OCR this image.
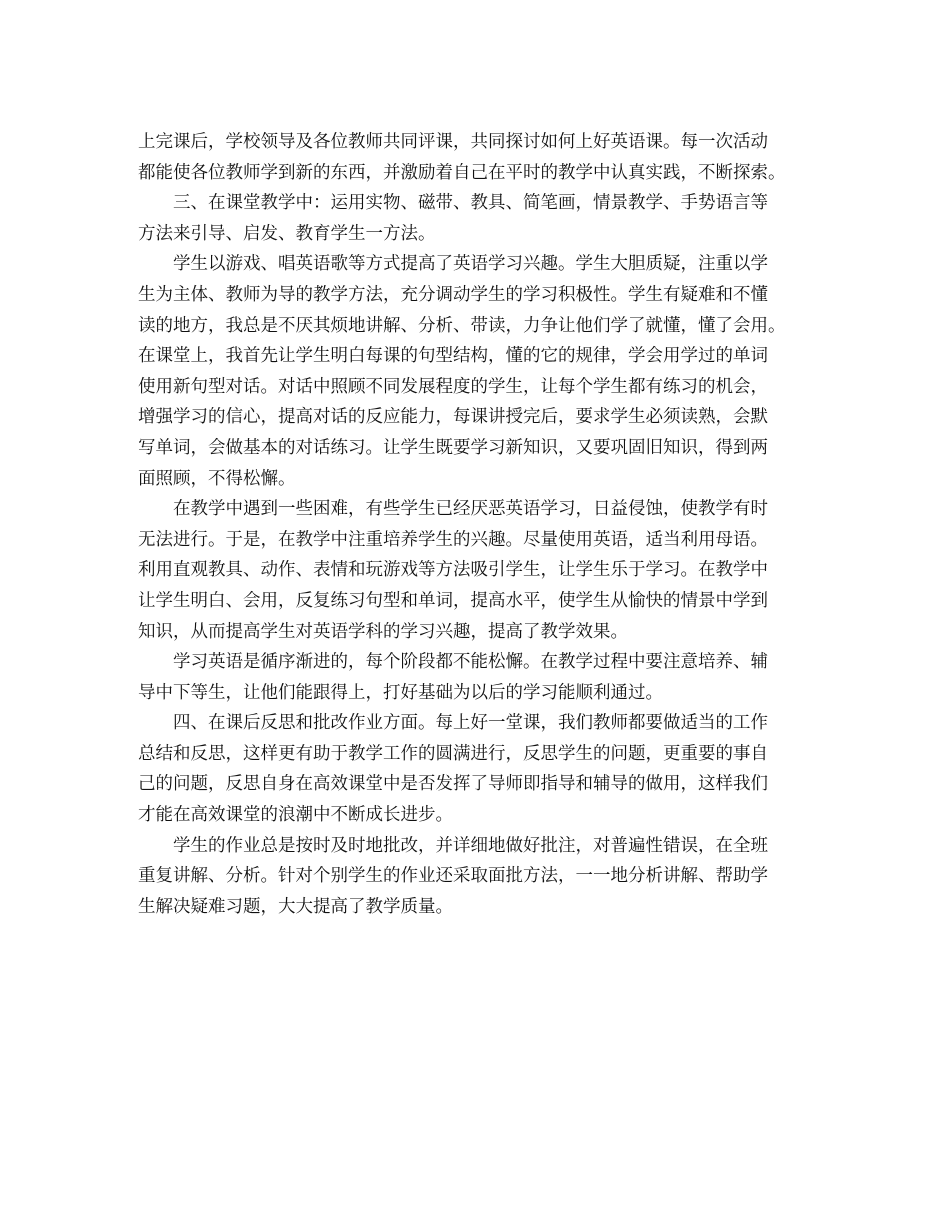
上完课后，学校领导及各位教师共同评课，共同探讨如何上好英语课。每一次活动
都能使各位教师学到新的东西，并激励着自己在平时的教学中认真实践，不断探索。
三、在课堂教学中：运用实物、磁带、教具、简笔画，情景教学、手势语言等
方法来引导、启发、教育学生一方法。
学生以游戏、唱英语歌等方式提高了英语学习兴趣。学生大胆质疑，注重以学
生为主体、教师为导的教学方法，充分调动学生的学习积极性。学生有疑难和不懂
读的地方，我总是不厌其烦地讲解、分析、带读，力争让他们学了就懂，懂了会用。
在课堂上，我首先让学生明白每课的句型结构，懂的它的规律，学会用学过的单词
使用新句型对话。对话中照顾不同发展程度的学生，让每个学生都有练习的机会，
增强学习的信心，提高对话的反应能力，每课讲授完后，要求学生必须读熟，会默
写单词，会做基本的对话练习。让学生既要学习新知识，又要巩固旧知识，得到两
面照顾，不得松懈。
在教学中遇到一些困难，有些学生已经厌恶英语学习，日益侵蚀，使教学有时
无法进行。于是，在教学中注重培养学生的兴趣。尽量使用英语，适当利用母语。
利用直观教具、动作、表情和玩游戏等方法吸引学生，让学生乐于学习。在教学中
让学生明白、会用，反复练习句型和单词，提高水平，使学生从愉快的情景中学到
知识，从而提高学生对英语学科的学习兴趣，提高了教学效果。
学习英语是循序渐进的，每个阶段都不能松懈。在教学过程中要注意培养、辅
导中下等生，让他们能跟得上，打好基础为以后的学习能顺利通过。
四、在课后反思和批改作业方面。每上好一堂课，我们教师都要做适当的工作
总结和反思，这样更有助于教学工作的圆满进行，反思学生的问题，更重要的事自
己的问题，反思自身在高效课堂中是否发挥了导师即指导和辅导的做用，这样我们
才能在高效课堂的浪潮中不断成长进步。
学生的作业总是按时及时地批改，并详细地做好批注，对普遍性错误，在全班
重复讲解、分析。针对个别学生的作业还采取面批方法，一一地分析讲解、帮助学
生解决疑难习题，大大提高了教学质量。
